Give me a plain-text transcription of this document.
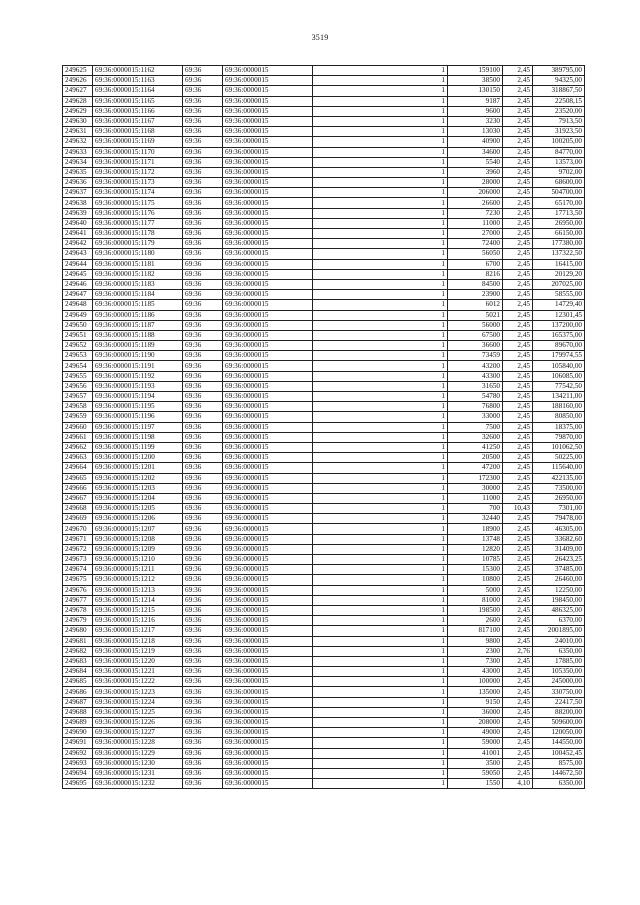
3519
249625	69:36:0000015:1162	69:36	69:36:0000015	1	159100	2,45	389795,00
249626	69:36:0000015:1163	69:36	69:36:0000015	1	38500	2,45	94325,00
249627	69:36:0000015:1164	69:36	69:36:0000015	1	130150	2,45	318867,50
249628	69:36:0000015:1165	69:36	69:36:0000015	1	9187	2,45	22508,15
249629	69:36:0000015:1166	69:36	69:36:0000015	1	9600	2,45	23520,00
249630	69:36:0000015:1167	69:36	69:36:0000015	1	3230	2,45	7913,50
249631	69:36:0000015:1168	69:36	69:36:0000015	1	13030	2,45	31923,50
249632	69:36:0000015:1169	69:36	69:36:0000015	1	40900	2,45	100205,00
249633	69:36:0000015:1170	69:36	69:36:0000015	1	34600	2,45	84770,00
249634	69:36:0000015:1171	69:36	69:36:0000015	1	5540	2,45	13573,00
249635	69:36:0000015:1172	69:36	69:36:0000015	1	3960	2,45	9702,00
249636	69:36:0000015:1173	69:36	69:36:0000015	1	28000	2,45	68600,00
249637	69:36:0000015:1174	69:36	69:36:0000015	1	206000	2,45	504700,00
249638	69:36:0000015:1175	69:36	69:36:0000015	1	26600	2,45	65170,00
249639	69:36:0000015:1176	69:36	69:36:0000015	1	7230	2,45	17713,50
249640	69:36:0000015:1177	69:36	69:36:0000015	1	11000	2,45	26950,00
249641	69:36:0000015:1178	69:36	69:36:0000015	1	27000	2,45	66150,00
249642	69:36:0000015:1179	69:36	69:36:0000015	1	72400	2,45	177380,00
249643	69:36:0000015:1180	69:36	69:36:0000015	1	56050	2,45	137322,50
249644	69:36:0000015:1181	69:36	69:36:0000015	1	6700	2,45	16415,00
249645	69:36:0000015:1182	69:36	69:36:0000015	1	8216	2,45	20129,20
249646	69:36:0000015:1183	69:36	69:36:0000015	1	84500	2,45	207025,00
249647	69:36:0000015:1184	69:36	69:36:0000015	1	23900	2,45	58555,00
249648	69:36:0000015:1185	69:36	69:36:0000015	1	6012	2,45	14729,40
249649	69:36:0000015:1186	69:36	69:36:0000015	1	5021	2,45	12301,45
249650	69:36:0000015:1187	69:36	69:36:0000015	1	56000	2,45	137200,00
249651	69:36:0000015:1188	69:36	69:36:0000015	1	67500	2,45	165375,00
249652	69:36:0000015:1189	69:36	69:36:0000015	1	36600	2,45	89670,00
249653	69:36:0000015:1190	69:36	69:36:0000015	1	73459	2,45	179974,55
249654	69:36:0000015:1191	69:36	69:36:0000015	1	43200	2,45	105840,00
249655	69:36:0000015:1192	69:36	69:36:0000015	1	43300	2,45	106085,00
249656	69:36:0000015:1193	69:36	69:36:0000015	1	31650	2,45	77542,50
249657	69:36:0000015:1194	69:36	69:36:0000015	1	54780	2,45	134211,00
249658	69:36:0000015:1195	69:36	69:36:0000015	1	76800	2,45	188160,00
249659	69:36:0000015:1196	69:36	69:36:0000015	1	33000	2,45	80850,00
249660	69:36:0000015:1197	69:36	69:36:0000015	1	7500	2,45	18375,00
249661	69:36:0000015:1198	69:36	69:36:0000015	1	32600	2,45	79870,00
249662	69:36:0000015:1199	69:36	69:36:0000015	1	41250	2,45	101062,50
249663	69:36:0000015:1200	69:36	69:36:0000015	1	20500	2,45	50225,00
249664	69:36:0000015:1201	69:36	69:36:0000015	1	47200	2,45	115640,00
249665	69:36:0000015:1202	69:36	69:36:0000015	1	172300	2,45	422135,00
249666	69:36:0000015:1203	69:36	69:36:0000015	1	30000	2,45	73500,00
249667	69:36:0000015:1204	69:36	69:36:0000015	1	11000	2,45	26950,00
249668	69:36:0000015:1205	69:36	69:36:0000015	1	700	10,43	7301,00
249669	69:36:0000015:1206	69:36	69:36:0000015	1	32440	2,45	79478,00
249670	69:36:0000015:1207	69:36	69:36:0000015	1	18900	2,45	46305,00
249671	69:36:0000015:1208	69:36	69:36:0000015	1	13748	2,45	33682,60
249672	69:36:0000015:1209	69:36	69:36:0000015	1	12820	2,45	31409,00
249673	69:36:0000015:1210	69:36	69:36:0000015	1	10785	2,45	26423,25
249674	69:36:0000015:1211	69:36	69:36:0000015	1	15300	2,45	37485,00
249675	69:36:0000015:1212	69:36	69:36:0000015	1	10800	2,45	26460,00
249676	69:36:0000015:1213	69:36	69:36:0000015	1	5000	2,45	12250,00
249677	69:36:0000015:1214	69:36	69:36:0000015	1	81000	2,45	198450,00
249678	69:36:0000015:1215	69:36	69:36:0000015	1	198500	2,45	486325,00
249679	69:36:0000015:1216	69:36	69:36:0000015	1	2600	2,45	6370,00
249680	69:36:0000015:1217	69:36	69:36:0000015	1	817100	2,45	2001895,00
249681	69:36:0000015:1218	69:36	69:36:0000015	1	9800	2,45	24010,00
249682	69:36:0000015:1219	69:36	69:36:0000015	1	2300	2,76	6350,00
249683	69:36:0000015:1220	69:36	69:36:0000015	1	7300	2,45	17885,00
249684	69:36:0000015:1221	69:36	69:36:0000015	1	43000	2,45	105350,00
249685	69:36:0000015:1222	69:36	69:36:0000015	1	100000	2,45	245000,00
249686	69:36:0000015:1223	69:36	69:36:0000015	1	135000	2,45	330750,00
249687	69:36:0000015:1224	69:36	69:36:0000015	1	9150	2,45	22417,50
249688	69:36:0000015:1225	69:36	69:36:0000015	1	36000	2,45	88200,00
249689	69:36:0000015:1226	69:36	69:36:0000015	1	208000	2,45	509600,00
249690	69:36:0000015:1227	69:36	69:36:0000015	1	49000	2,45	120050,00
249691	69:36:0000015:1228	69:36	69:36:0000015	1	59000	2,45	144550,00
249692	69:36:0000015:1229	69:36	69:36:0000015	1	41001	2,45	100452,45
249693	69:36:0000015:1230	69:36	69:36:0000015	1	3500	2,45	8575,00
249694	69:36:0000015:1231	69:36	69:36:0000015	1	59050	2,45	144672,50
249695	69:36:0000015:1232	69:36	69:36:0000015	1	1550	4,10	6350,00
